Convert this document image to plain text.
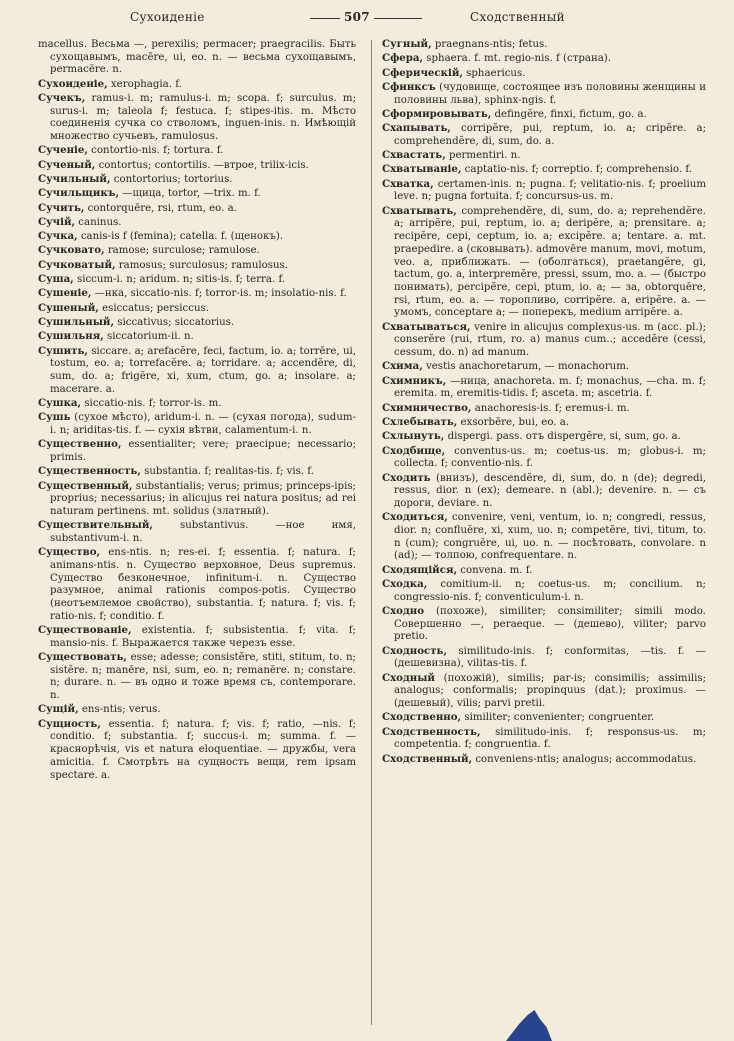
Сухоиденіе	507	Сходственный
macellus. Весьма —, perexilis; permacer; praegracilis. Быть сухощавымъ, macēre, ui, eo. n. — весьма сухощавымъ, permacēre. n.
Сухоиденіе, xerophagia. f.
Сучекъ, ramus-i. m; ramulus-i. m; scopa. f; surculus. m; surus-i. m; taleola f; festuca. f; stipes-itis. m. Мѣсто соединенія сучка со стволомъ, inguen-inis. n. Имѣющій множество сучьевъ, ramulosus.
Сученіе, contortio-nis. f; tortura. f.
Сученый, contortus; contortilis. —втрое, trilix-icis.
Сучильный, contortorius; tortorius.
Сучильщикъ, —щица, tortor, —trix. m. f.
Сучить, contorquēre, rsi, rtum, eo. a.
Сучій, caninus.
Сучка, canis-is f (femina); catella. f. (щенокъ).
Сучковато, ramose; surculose; ramulose.
Сучковатый, ramosus; surculosus; ramulosus.
Суша, siccum-i. n; aridum. n; sitis-is. f; terra. f.
Сушеніе, —нка, siccatio-nis. f; torror-is. m; insolatio-nis. f.
Сушеный, esiccatus; persiccus.
Сушильный, siccativus; siccatorius.
Сушильня, siccatorium-ii. n.
Сушить, siccare. a; arefacĕre, feci, factum, io. a; torrēre, ui, tostum, eo. a; torrefacĕre. a; torridare. a; accendĕre, di, sum, do. a; frigĕre, xi, xum, ctum, go. a; insolare. a; macerare. a.
Сушка, siccatio-nis. f; torror-is. m.
Сушь (сухое мѣсто), aridum-i. n. — (сухая погода), sudum-i. n; ariditas-tis. f. — сухія вѣтви, calamentum-i. n.
Существенно, essentialiter; vere; praecipue; necessario; primis.
Существенность, substantia. f; realitas-tis. f; vis. f.
Существенный, substantialis; verus; primus; princeps-ipis; proprius; necessarius; in alicujus rei natura positus; ad rei naturam pertinens. mt. solidus (златный).
Существительный, substantivus. —ное имя, substantivum-i. n.
Существо, ens-ntis. n; res-ei. f; essentia. f; natura. f; animans-ntis. n. Существо верховное, Deus supremus. Существо безконечное, infinitum-i. n. Существо разумное, animal rationis compos-potis. Существо (неотъемлемое свойство), substantia. f; natura. f; vis. f; ratio-nis. f; conditio. f.
Существованіе, existentia. f; subsistentia. f; vita. f; mansio-nis. f. Выражается также черезъ esse.
Существовать, esse; adesse; consistĕre, stiti, stitum, to. n; sistĕre. n; manēre, nsi, sum, eo. n; remanēre. n; constare. n; durare. n. — въ одно и тоже время съ, contemporare. n.
Сущій, ens-ntis; verus.
Сущность, essentia. f; natura. f; vis. f; ratio, —nis. f; conditio. f; substantia. f; succus-i. m; summa. f. — краснорѣчія, vis et natura eloquentiae. — дружбы, vera amicitia. f. Смотрѣть на сущность вещи, rem ipsam spectare. a.
Сугный, praegnans-ntis; fetus.
Сфера, sphaera. f. mt. regio-nis. f (страна).
Сферическій, sphaericus.
Сфинксъ (чудовище, состоящее изъ половины женщины и половины льва), sphinx-ngis. f.
Сформировывать, defingĕre, finxi, fictum, go. a.
Схапывать, corripĕre, pui, reptum, io. a; cripĕre. a; comprehendĕre, di, sum, do. a.
Схвастать, permentiri. n.
Схватываніе, captatio-nis. f; correptio. f; comprehensio. f.
Схватка, certamen-inis. n; pugna. f; velitatio-nis. f; proelium leve. n; pugna fortuita. f; concursus-us. m.
Схватывать, comprehendĕre, di, sum, do. a; reprehendĕre. a; arripĕre, pui, reptum, io. a; deripĕre, a; prensitare. a; recipĕre, cepi, ceptum, io. a; excipĕre. a; tentare. a. mt. praepedire. a (сковывать). admovēre manum, movi, motum, veo. a, приближать. — (оболгаться), praetangĕre, gi, tactum, go. a, interpremĕre, pressi, ssum, mo. a. — (быстро понимать), percipĕre, cepi, ptum, io. a; — за, obtorquēre, rsi, rtum, eo. a. — торопливо, corripĕre. a, eripĕre. a. — умомъ, conceptare a; — поперекъ, medium arripĕre. a.
Схватываться, venire in alicujus complexus-us. m (acc. pl.); conserĕre (rui, rtum, ro. a) manus cum..; accedĕre (cessi, cessum, do. n) ad manum.
Схима, vestis anachoretarum, — monachorum.
Схимникъ, —ница, anachoreta. m. f; monachus, —cha. m. f; eremita. m, eremitis-tidis. f; asceta. m; ascetria. f.
Схимничество, anachoresis-is. f; eremus-i. m.
Схлебывать, exsorbēre, bui, eo. a.
Схлынуть, dispergi. pass. отъ dispergĕre, si, sum, go. a.
Сходбище, conventus-us. m; coetus-us. m; globus-i. m; collecta. f; conventio-nis. f.
Сходить (внизъ), descendĕre, di, sum, do. n (de); degredi, ressus, dior. n (ex); demeare. n (abl.); devenire. n. — съ дороги, deviare. n.
Сходиться, convenire, veni, ventum, io. n; congredi, ressus, dior. n; confluĕre, xi, xum, uo. n; competĕre, tivi, titum, to. n (cum); congruĕre, ui, uo. n. — посѣтовать, convolare. n (ad); — толпою, confrequentare. n.
Сходящійся, convena. m. f.
Сходка, comitium-ii. n; coetus-us. m; concilium. n; congressio-nis. f; conventiculum-i. n.
Сходно (похоже), similiter; consimiliter; simili modo. Совершенно —, peraeque. — (дешево), viliter; parvo pretio.
Сходность, similitudo-inis. f; conformitas, —tis. f. — (дешевизна), vilitas-tis. f.
Сходный (похожій), similis; par-is; consimilis; assimilis; analogus; conformalis; propinquus (dat.); proximus. — (дешевый), vilis; parvi pretii.
Сходственно, similiter; convenienter; congruenter.
Сходственность, similitudo-inis. f; responsus-us. m; competentia. f; congruentia. f.
Сходственный, conveniens-ntis; analogus; accommodatus.
